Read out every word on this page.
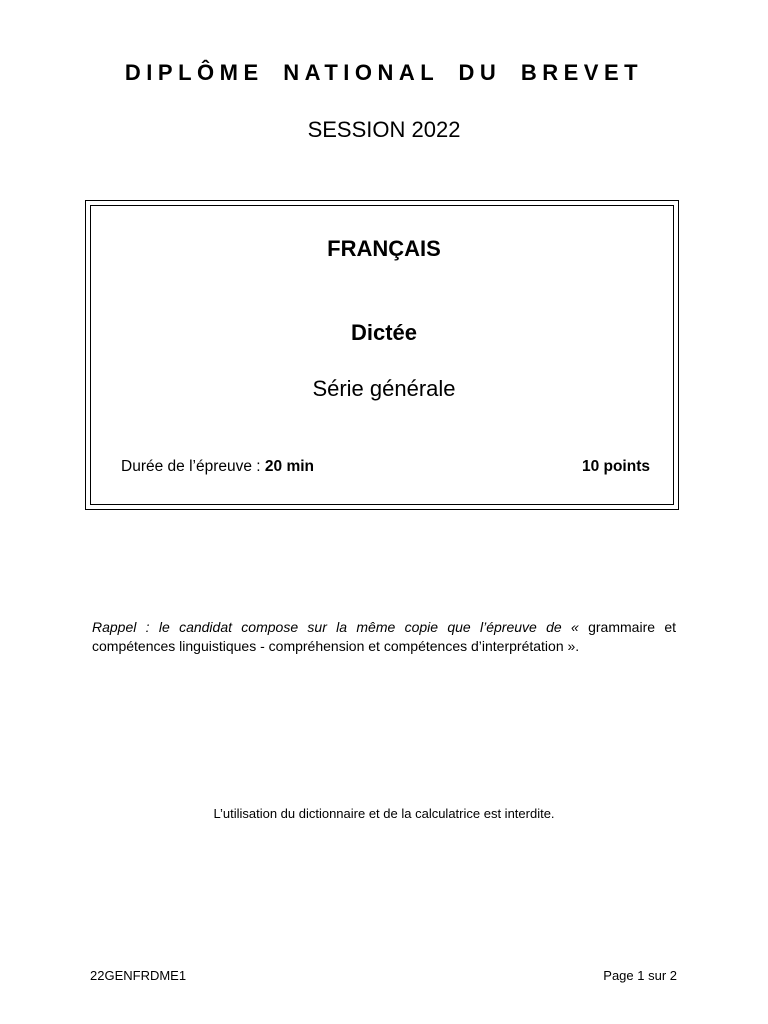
DIPLÔME NATIONAL DU BREVET
SESSION 2022
FRANÇAIS
Dictée
Série générale
Durée de l’épreuve : 20 min	10 points
Rappel : le candidat compose sur la même copie que l’épreuve de « grammaire et compétences linguistiques - compréhension et compétences d’interprétation ».
L’utilisation du dictionnaire et de la calculatrice est interdite.
22GENFRDME1	Page 1 sur 2
